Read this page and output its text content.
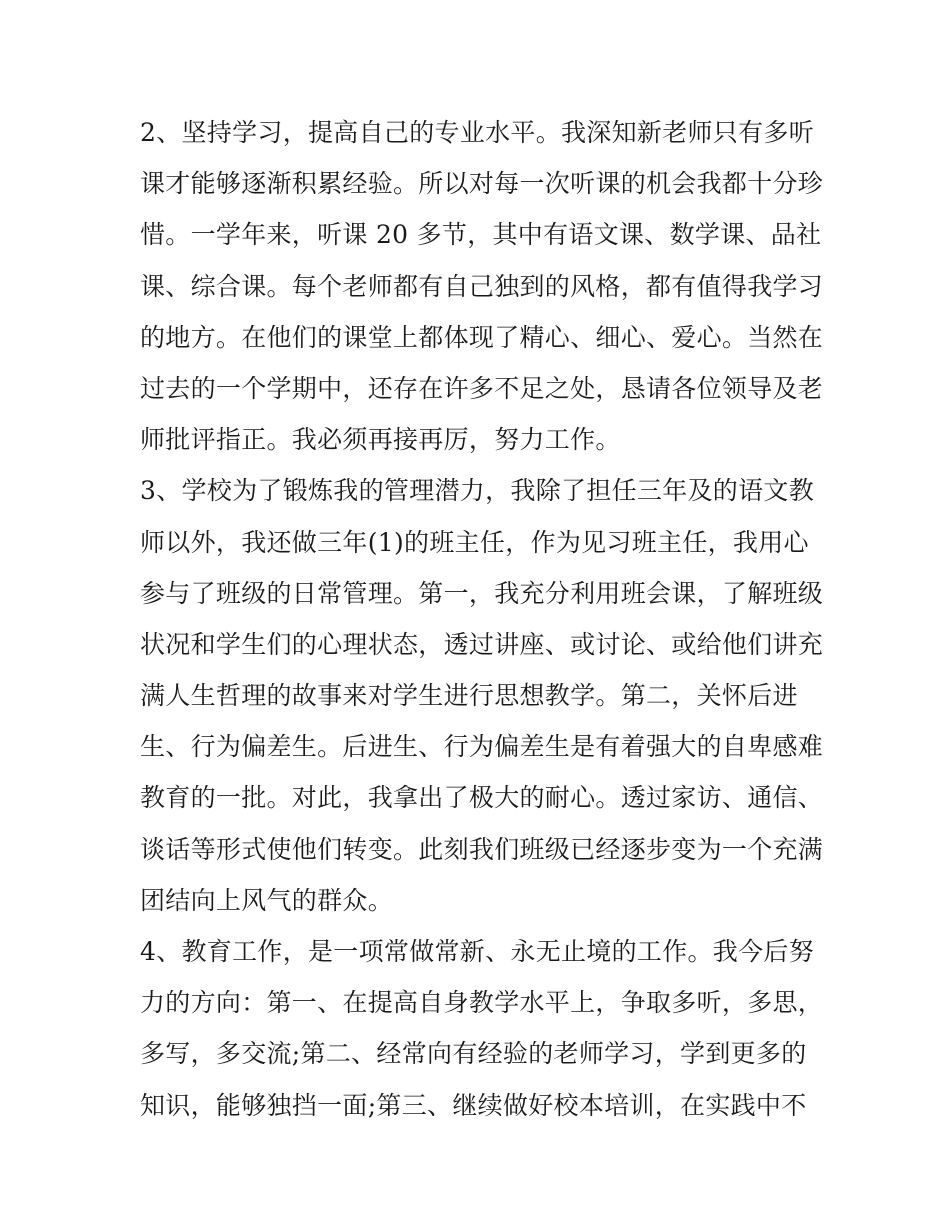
2、坚持学习，提高自己的专业水平。我深知新老师只有多听
课才能够逐渐积累经验。所以对每一次听课的机会我都十分珍
惜。一学年来，听课 20 多节，其中有语文课、数学课、品社
课、综合课。每个老师都有自己独到的风格，都有值得我学习
的地方。在他们的课堂上都体现了精心、细心、爱心。当然在
过去的一个学期中，还存在许多不足之处，恳请各位领导及老
师批评指正。我必须再接再厉，努力工作。
3、学校为了锻炼我的管理潜力，我除了担任三年及的语文教
师以外，我还做三年(1)的班主任，作为见习班主任，我用心
参与了班级的日常管理。第一，我充分利用班会课，了解班级
状况和学生们的心理状态，透过讲座、或讨论、或给他们讲充
满人生哲理的故事来对学生进行思想教学。第二，关怀后进
生、行为偏差生。后进生、行为偏差生是有着强大的自卑感难
教育的一批。对此，我拿出了极大的耐心。透过家访、通信、
谈话等形式使他们转变。此刻我们班级已经逐步变为一个充满
团结向上风气的群众。
4、教育工作，是一项常做常新、永无止境的工作。我今后努
力的方向：第一、在提高自身教学水平上，争取多听，多思，
多写，多交流;第二、经常向有经验的老师学习，学到更多的
知识，能够独挡一面;第三、继续做好校本培训，在实践中不
